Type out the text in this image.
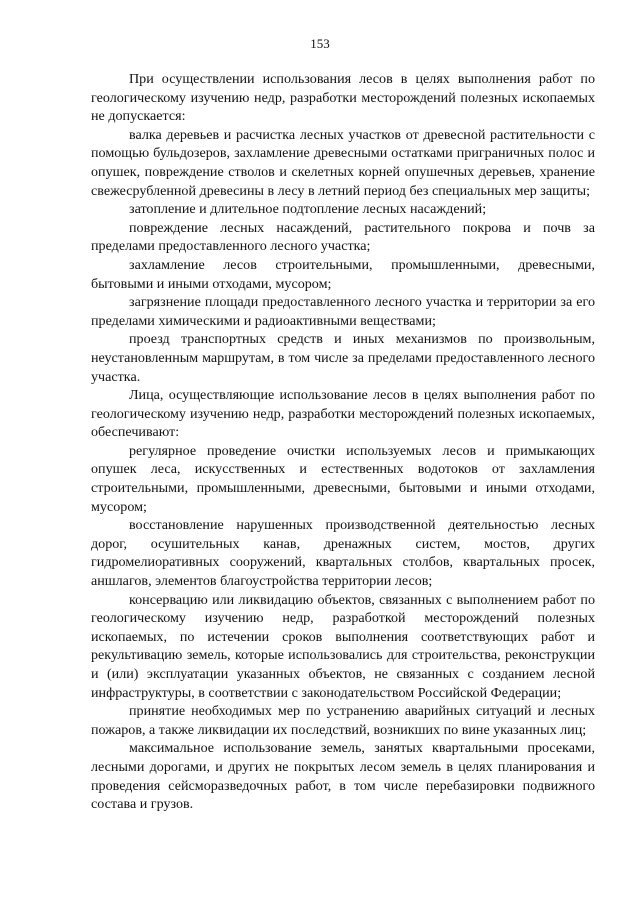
153

При осуществлении использования лесов в целях выполнения работ по геологическому изучению недр, разработки месторождений полезных ископаемых не допускается:

валка деревьев и расчистка лесных участков от древесной растительности с помощью бульдозеров, захламление древесными остатками приграничных полос и опушек, повреждение стволов и скелетных корней опушечных деревьев, хранение свежесрубленной древесины в лесу в летний период без специальных мер защиты;

затопление и длительное подтопление лесных насаждений;

повреждение лесных насаждений, растительного покрова и почв за пределами предоставленного лесного участка;

захламление лесов строительными, промышленными, древесными, бытовыми и иными отходами, мусором;

загрязнение площади предоставленного лесного участка и территории за его пределами химическими и радиоактивными веществами;

проезд транспортных средств и иных механизмов по произвольным, неустановленным маршрутам, в том числе за пределами предоставленного лесного участка.

Лица, осуществляющие использование лесов в целях выполнения работ по геологическому изучению недр, разработки месторождений полезных ископаемых, обеспечивают:

регулярное проведение очистки используемых лесов и примыкающих опушек леса, искусственных и естественных водотоков от захламления строительными, промышленными, древесными, бытовыми и иными отходами, мусором;

восстановление нарушенных производственной деятельностью лесных дорог, осушительных канав, дренажных систем, мостов, других гидромелиоративных сооружений, квартальных столбов, квартальных просек, аншлагов, элементов благоустройства территории лесов;

консервацию или ликвидацию объектов, связанных с выполнением работ по геологическому изучению недр, разработкой месторождений полезных ископаемых, по истечении сроков выполнения соответствующих работ и рекультивацию земель, которые использовались для строительства, реконструкции и (или) эксплуатации указанных объектов, не связанных с созданием лесной инфраструктуры, в соответствии с законодательством Российской Федерации;

принятие необходимых мер по устранению аварийных ситуаций и лесных пожаров, а также ликвидации их последствий, возникших по вине указанных лиц;

максимальное использование земель, занятых квартальными просеками, лесными дорогами, и других не покрытых лесом земель в целях планирования и проведения сейсморазведочных работ, в том числе перебазировки подвижного состава и грузов.
